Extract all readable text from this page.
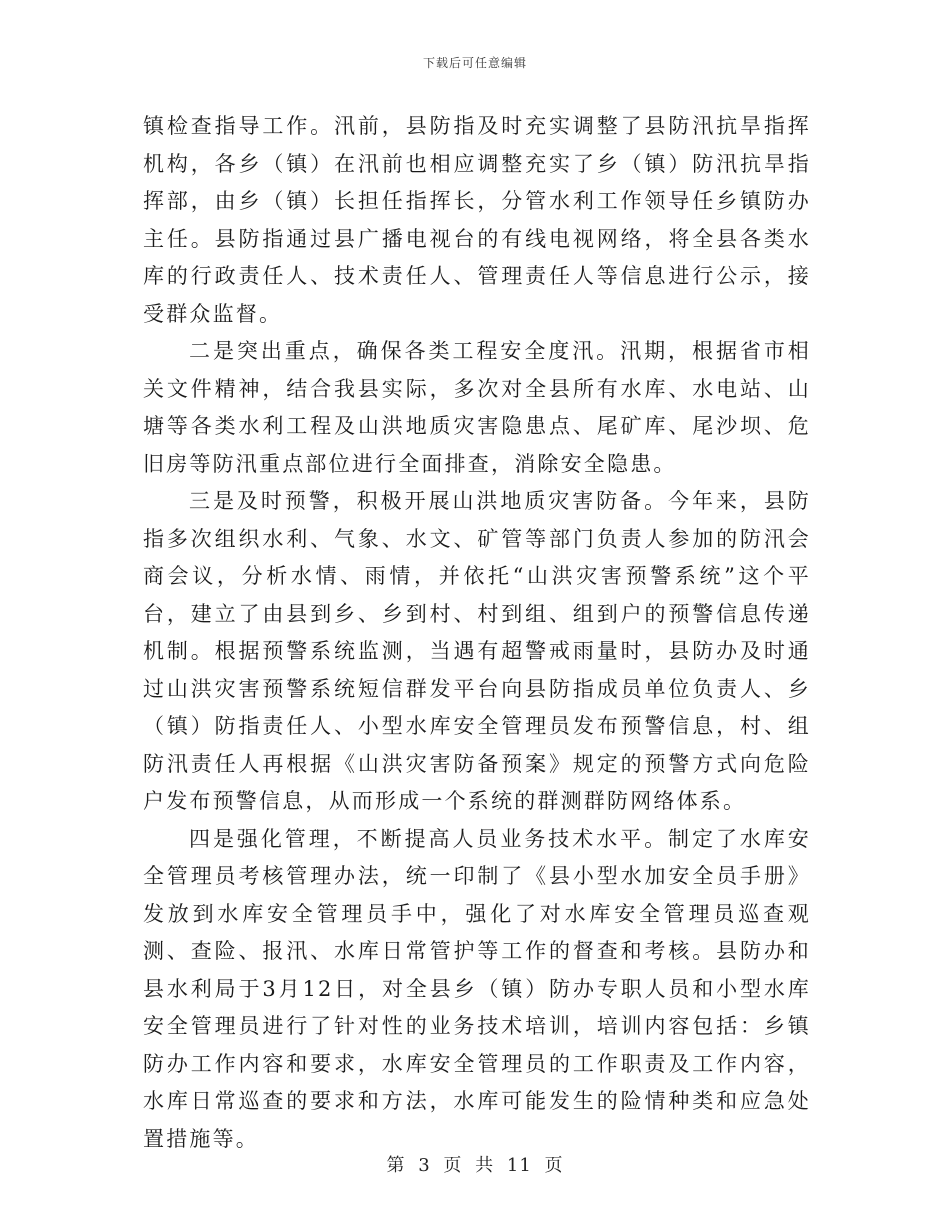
下载后可任意编辑

镇检查指导工作。汛前，县防指及时充实调整了县防汛抗旱指挥机构，各乡（镇）在汛前也相应调整充实了乡（镇）防汛抗旱指挥部，由乡（镇）长担任指挥长，分管水利工作领导任乡镇防办主任。县防指通过县广播电视台的有线电视网络，将全县各类水库的行政责任人、技术责任人、管理责任人等信息进行公示，接受群众监督。

二是突出重点，确保各类工程安全度汛。汛期，根据省市相关文件精神，结合我县实际，多次对全县所有水库、水电站、山塘等各类水利工程及山洪地质灾害隐患点、尾矿库、尾沙坝、危旧房等防汛重点部位进行全面排查，消除安全隐患。

三是及时预警，积极开展山洪地质灾害防备。今年来，县防指多次组织水利、气象、水文、矿管等部门负责人参加的防汛会商会议，分析水情、雨情，并依托“山洪灾害预警系统”这个平台，建立了由县到乡、乡到村、村到组、组到户的预警信息传递机制。根据预警系统监测，当遇有超警戒雨量时，县防办及时通过山洪灾害预警系统短信群发平台向县防指成员单位负责人、乡（镇）防指责任人、小型水库安全管理员发布预警信息，村、组防汛责任人再根据《山洪灾害防备预案》规定的预警方式向危险户发布预警信息，从而形成一个系统的群测群防网络体系。

四是强化管理，不断提高人员业务技术水平。制定了水库安全管理员考核管理办法，统一印制了《县小型水加安全员手册》发放到水库安全管理员手中，强化了对水库安全管理员巡查观测、查险、报汛、水库日常管护等工作的督查和考核。县防办和县水利局于3月12日，对全县乡（镇）防办专职人员和小型水库安全管理员进行了针对性的业务技术培训，培训内容包括：乡镇防办工作内容和要求，水库安全管理员的工作职责及工作内容，水库日常巡查的要求和方法，水库可能发生的险情种类和应急处置措施等。

第 3 页 共 11 页
